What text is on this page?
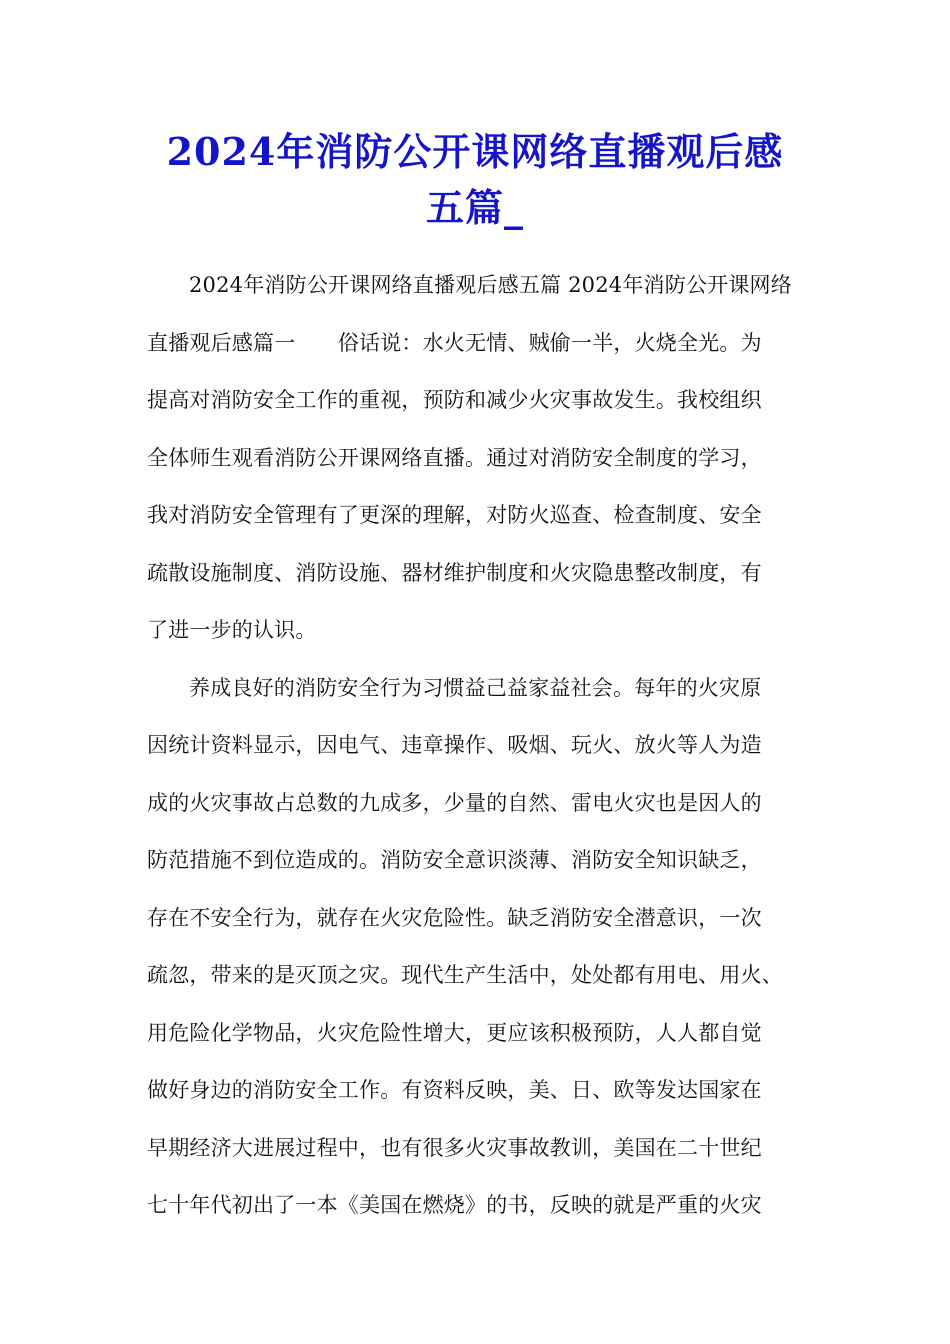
2024年消防公开课网络直播观后感
五篇_
2024年消防公开课网络直播观后感五篇 2024年消防公开课网络
直播观后感篇一　　俗话说：水火无情、贼偷一半，火烧全光。为
提高对消防安全工作的重视，预防和减少火灾事故发生。我校组织
全体师生观看消防公开课网络直播。通过对消防安全制度的学习，
我对消防安全管理有了更深的理解，对防火巡查、检查制度、安全
疏散设施制度、消防设施、器材维护制度和火灾隐患整改制度，有
了进一步的认识。
养成良好的消防安全行为习惯益己益家益社会。每年的火灾原
因统计资料显示，因电气、违章操作、吸烟、玩火、放火等人为造
成的火灾事故占总数的九成多，少量的自然、雷电火灾也是因人的
防范措施不到位造成的。消防安全意识淡薄、消防安全知识缺乏，
存在不安全行为，就存在火灾危险性。缺乏消防安全潜意识，一次
疏忽，带来的是灭顶之灾。现代生产生活中，处处都有用电、用火、
用危险化学物品，火灾危险性增大，更应该积极预防，人人都自觉
做好身边的消防安全工作。有资料反映，美、日、欧等发达国家在
早期经济大进展过程中，也有很多火灾事故教训，美国在二十世纪
七十年代初出了一本《美国在燃烧》的书，反映的就是严重的火灾
